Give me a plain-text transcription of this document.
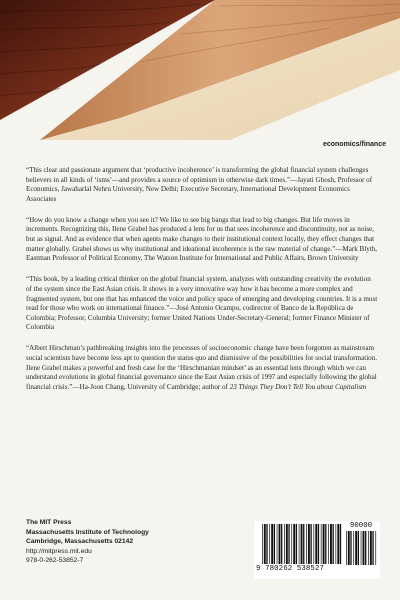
economics/finance

“This clear and passionate argument that ‘productive incoherence’ is transforming the global financial system challenges believers in all kinds of ‘isms’—and provides a source of optimism in otherwise dark times.”—Jayati Ghosh, Professor of Economics, Jawaharlal Nehru University, New Delhi; Executive Secretary, International Development Economics Associates

“How do you know a change when you see it? We like to see big bangs that lead to big changes. But life moves in increments. Recognizing this, Ilene Grabel has produced a lens for us that sees incoherence and discontinuity, not as noise, but as signal. And as evidence that when agents make changes to their institutional context locally, they effect changes that matter globally. Grabel shows us why institutional and ideational incoherence is the raw material of change.”—Mark Blyth, Eastman Professor of Political Economy, The Watson Institute for International and Public Affairs, Brown University

“This book, by a leading critical thinker on the global financial system, analyzes with outstanding creativity the evolution of the system since the East Asian crisis. It shows in a very innovative way how it has become a more complex and fragmented system, but one that has enhanced the voice and policy space of emerging and developing countries. It is a must read for those who work on international finance.”—José Antonio Ocampo, codirector of Banco de la República de Colombia; Professor, Columbia University; former United Nations Under-Secretary-General; former Finance Minister of Colombia

“Albert Hirschman’s pathbreaking insights into the processes of socioeconomic change have been forgotten as mainstream social scientists have become less apt to question the status quo and dismissive of the possibilities for social transformation. Ilene Grabel makes a powerful and fresh case for the ‘Hirschmanian mindset’ as an essential lens through which we can understand evolutions in global financial governance since the East Asian crisis of 1997 and especially following the global financial crisis.”—Ha-Joon Chang, University of Cambridge; author of 23 Things They Don’t Tell You about Capitalism

The MIT Press
Massachusetts Institute of Technology
Cambridge, Massachusetts 02142
http://mitpress.mit.edu
978-0-262-53852-7
90000
9 780262 538527
